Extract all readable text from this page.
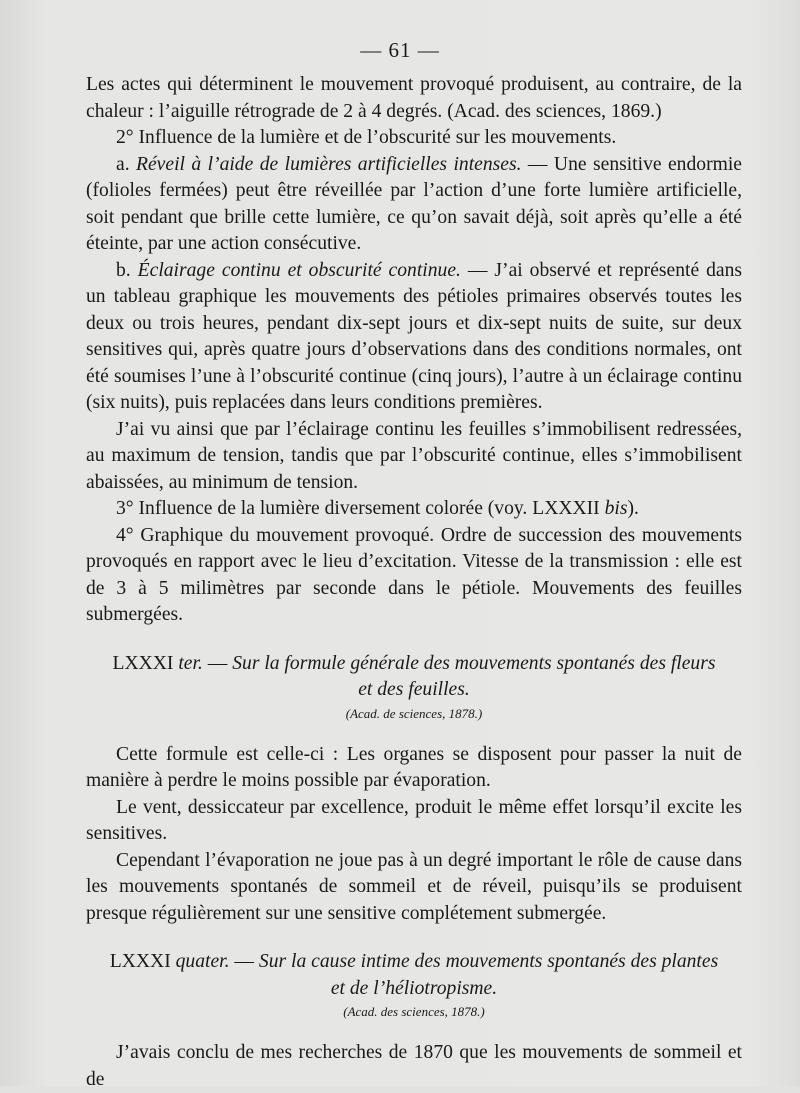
— 61 —

Les actes qui déterminent le mouvement provoqué produisent, au contraire, de la chaleur : l’aiguille rétrograde de 2 à 4 degrés. (Acad. des sciences, 1869.)

2° Influence de la lumière et de l’obscurité sur les mouvements.

a. Réveil à l’aide de lumières artificielles intenses. — Une sensitive endormie (folioles fermées) peut être réveillée par l’action d’une forte lumière artificielle, soit pendant que brille cette lumière, ce qu’on savait déjà, soit après qu’elle a été éteinte, par une action consécutive.

b. Éclairage continu et obscurité continue. — J’ai observé et représenté dans un tableau graphique les mouvements des pétioles primaires observés toutes les deux ou trois heures, pendant dix-sept jours et dix-sept nuits de suite, sur deux sensitives qui, après quatre jours d’observations dans des conditions normales, ont été soumises l’une à l’obscurité continue (cinq jours), l’autre à un éclairage continu (six nuits), puis replacées dans leurs conditions premières.

J’ai vu ainsi que par l’éclairage continu les feuilles s’immobilisent redressées, au maximum de tension, tandis que par l’obscurité continue, elles s’immobilisent abaissées, au minimum de tension.

3° Influence de la lumière diversement colorée (voy. LXXXII bis).

4° Graphique du mouvement provoqué. Ordre de succession des mouvements provoqués en rapport avec le lieu d’excitation. Vitesse de la transmission : elle est de 3 à 5 milimètres par seconde dans le pétiole. Mouvements des feuilles submergées.

LXXXI ter. — Sur la formule générale des mouvements spontanés des fleurs
et des feuilles.
(Acad. de sciences, 1878.)

Cette formule est celle-ci : Les organes se disposent pour passer la nuit de manière à perdre le moins possible par évaporation.

Le vent, dessiccateur par excellence, produit le même effet lorsqu’il excite les sensitives.

Cependant l’évaporation ne joue pas à un degré important le rôle de cause dans les mouvements spontanés de sommeil et de réveil, puisqu’ils se produisent presque régulièrement sur une sensitive complétement submergée.

LXXXI quater. — Sur la cause intime des mouvements spontanés des plantes
et de l’héliotropisme.
(Acad. des sciences, 1878.)

J’avais conclu de mes recherches de 1870 que les mouvements de sommeil et de
